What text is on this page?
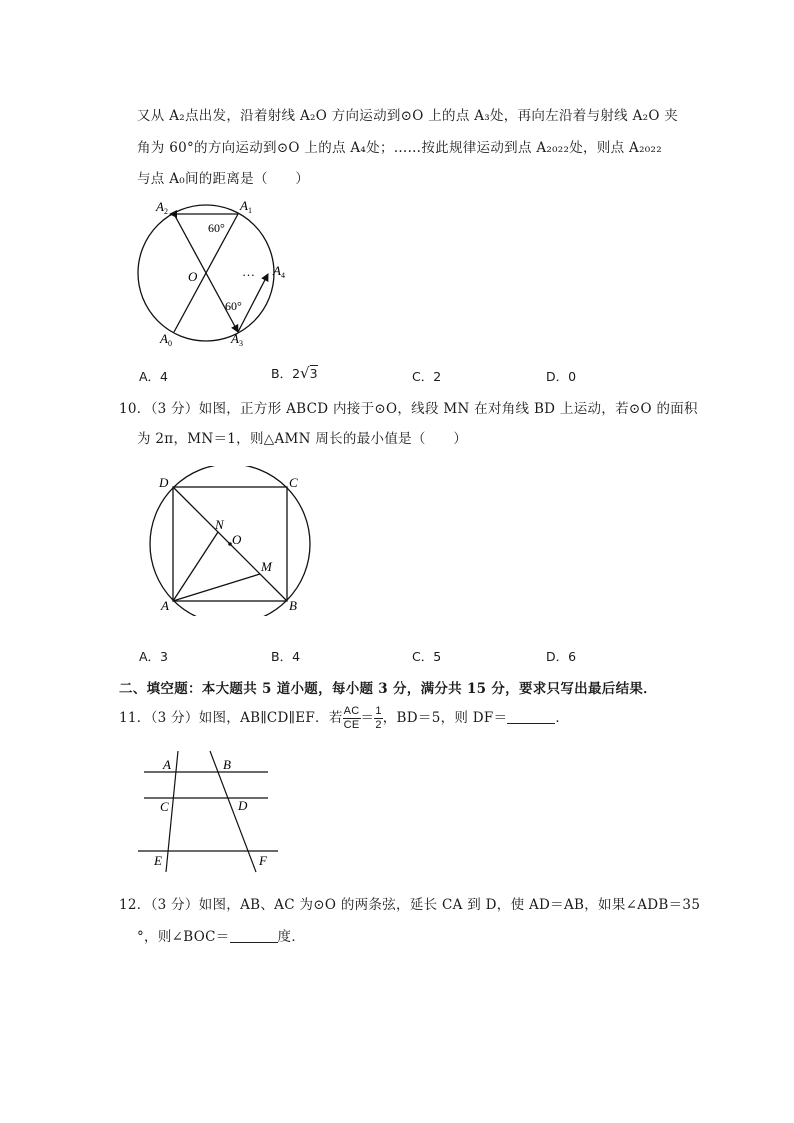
又从 A₂点出发，沿着射线 A₂O 方向运动到⊙O 上的点 A₃处，再向左沿着与射线 A₂O 夹
角为 60°的方向运动到⊙O 上的点 A₄处；……按此规律运动到点 A₂₀₂₂处，则点 A₂₀₂₂
与点 A₀间的距离是（　　）
$A_2$	$A_1$
$A_4$
$A_0$	$A_3$
O	…
60°
60°
A．4	B．2√3	C．2	D．0
10．（3 分）如图，正方形 ABCD 内接于⊙O，线段 MN 在对角线 BD 上运动，若⊙O 的面积
为 2π，MN＝1，则△AMN 周长的最小值是（　　）
D	C
A	B
N
O
M
A．3	B．4	C．5	D．6
二、填空题：本大题共 5 道小题，每小题 3 分，满分共 15 分，要求只写出最后结果．
11．（3 分）如图，AB∥CD∥EF．若 $\frac{AC}{CE} = \frac{1}{2}$ ，BD＝5，则 DF＝	．
A	B
C	D
E	F
12．（3 分）如图，AB、AC 为⊙O 的两条弦，延长 CA 到 D，使 AD＝AB，如果∠ADB＝35
°，则∠BOC＝	度．
